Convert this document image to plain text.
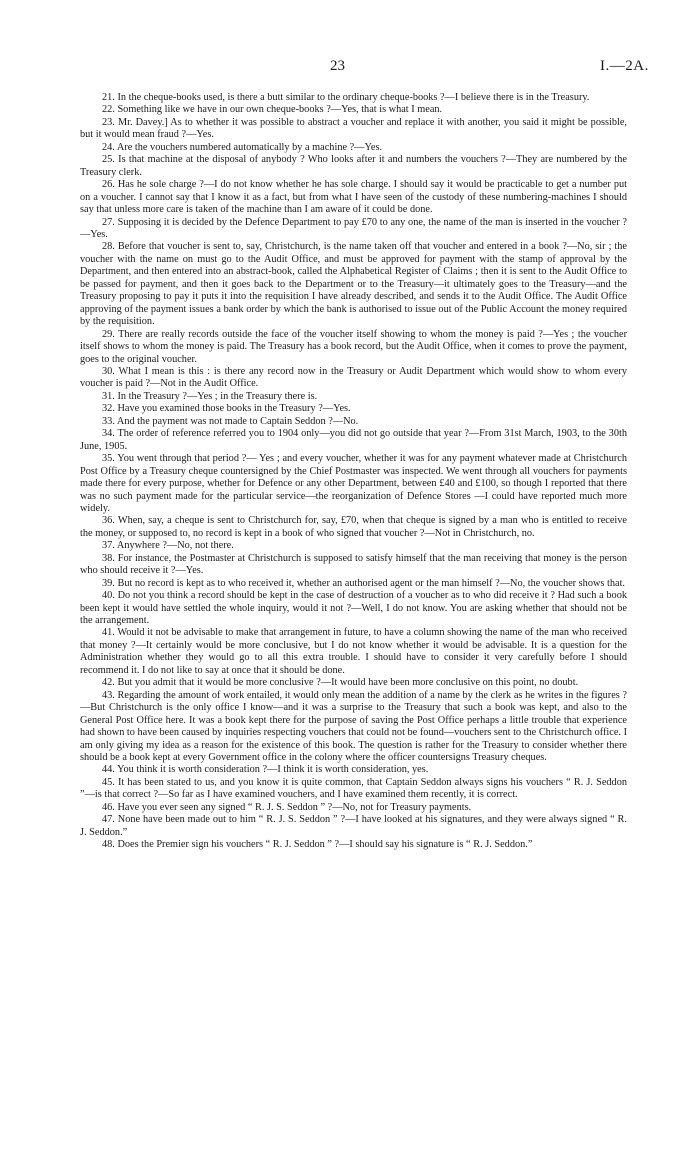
23	I.—2A.

21. In the cheque-books used, is there a butt similar to the ordinary cheque-books ?—I believe there is in the Treasury.

22. Something like we have in our own cheque-books ?—Yes, that is what I mean.

23. Mr. Davey.] As to whether it was possible to abstract a voucher and replace it with another, you said it might be possible, but it would mean fraud ?—Yes.

24. Are the vouchers numbered automatically by a machine ?—Yes.

25. Is that machine at the disposal of anybody ? Who looks after it and numbers the vouchers ?—They are numbered by the Treasury clerk.

26. Has he sole charge ?—I do not know whether he has sole charge. I should say it would be practicable to get a number put on a voucher. I cannot say that I know it as a fact, but from what I have seen of the custody of these numbering-machines I should say that unless more care is taken of the machine than I am aware of it could be done.

27. Supposing it is decided by the Defence Department to pay £70 to any one, the name of the man is inserted in the voucher ?—Yes.

28. Before that voucher is sent to, say, Christchurch, is the name taken off that voucher and entered in a book ?—No, sir ; the voucher with the name on must go to the Audit Office, and must be approved for payment with the stamp of approval by the Department, and then entered into an abstract-book, called the Alphabetical Register of Claims ; then it is sent to the Audit Office to be passed for payment, and then it goes back to the Department or to the Treasury—it ultimately goes to the Treasury—and the Treasury proposing to pay it puts it into the requisition I have already described, and sends it to the Audit Office. The Audit Office approving of the payment issues a bank order by which the bank is authorised to issue out of the Public Account the money required by the requisition.

29. There are really records outside the face of the voucher itself showing to whom the money is paid ?—Yes ; the voucher itself shows to whom the money is paid. The Treasury has a book record, but the Audit Office, when it comes to prove the payment, goes to the original voucher.

30. What I mean is this : is there any record now in the Treasury or Audit Department which would show to whom every voucher is paid ?—Not in the Audit Office.

31. In the Treasury ?—Yes ; in the Treasury there is.

32. Have you examined those books in the Treasury ?—Yes.

33. And the payment was not made to Captain Seddon ?—No.

34. The order of reference referred you to 1904 only—you did not go outside that year ?—From 31st March, 1903, to the 30th June, 1905.

35. You went through that period ?— Yes ; and every voucher, whether it was for any payment whatever made at Christchurch Post Office by a Treasury cheque countersigned by the Chief Postmaster was inspected. We went through all vouchers for payments made there for every purpose, whether for Defence or any other Department, between £40 and £100, so though I reported that there was no such payment made for the particular service—the reorganization of Defence Stores —I could have reported much more widely.

36. When, say, a cheque is sent to Christchurch for, say, £70, when that cheque is signed by a man who is entitled to receive the money, or supposed to, no record is kept in a book of who signed that voucher ?—Not in Christchurch, no.

37. Anywhere ?—No, not there.

38. For instance, the Postmaster at Christchurch is supposed to satisfy himself that the man receiving that money is the person who should receive it ?—Yes.

39. But no record is kept as to who received it, whether an authorised agent or the man himself ?—No, the voucher shows that.

40. Do not you think a record should be kept in the case of destruction of a voucher as to who did receive it ? Had such a book been kept it would have settled the whole inquiry, would it not ?—Well, I do not know. You are asking whether that should not be the arrangement.

41. Would it not be advisable to make that arrangement in future, to have a column showing the name of the man who received that money ?—It certainly would be more conclusive, but I do not know whether it would be advisable. It is a question for the Administration whether they would go to all this extra trouble. I should have to consider it very carefully before I should recommend it. I do not like to say at once that it should be done.

42. But you admit that it would be more conclusive ?—It would have been more conclusive on this point, no doubt.

43. Regarding the amount of work entailed, it would only mean the addition of a name by the clerk as he writes in the figures ?—But Christchurch is the only office I know—and it was a surprise to the Treasury that such a book was kept, and also to the General Post Office here. It was a book kept there for the purpose of saving the Post Office perhaps a little trouble that experience had shown to have been caused by inquiries respecting vouchers that could not be found—vouchers sent to the Christchurch office. I am only giving my idea as a reason for the existence of this book. The question is rather for the Treasury to consider whether there should be a book kept at every Government office in the colony where the officer countersigns Treasury cheques.

44. You think it is worth consideration ?—I think it is worth consideration, yes.

45. It has been stated to us, and you know it is quite common, that Captain Seddon always signs his vouchers “ R. J. Seddon ”—is that correct ?—So far as I have examined vouchers, and I have examined them recently, it is correct.

46. Have you ever seen any signed “ R. J. S. Seddon ” ?—No, not for Treasury payments.

47. None have been made out to him “ R. J. S. Seddon ” ?—I have looked at his signatures, and they were always signed “ R. J. Seddon.”

48. Does the Premier sign his vouchers “ R. J. Seddon ” ?—I should say his signature is “ R. J. Seddon.”
